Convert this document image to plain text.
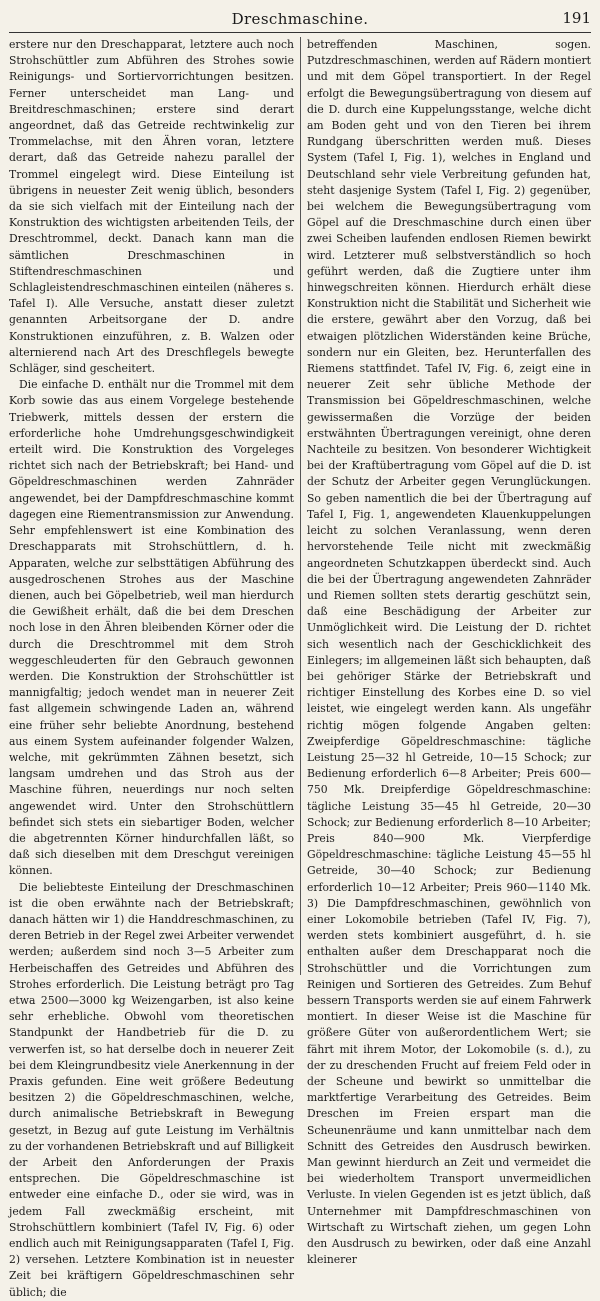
Dreschmaschine.	191

erstere nur den Dreschapparat, letztere auch noch Strohschüttler zum Abführen des Strohes sowie Reinigungs- und Sortiervorrichtungen besitzen. Ferner unterscheidet man Lang- und Breitdreschmaschinen; erstere sind derart angeordnet, daß das Getreide rechtwinkelig zur Trommelachse, mit den Ähren voran, letztere derart, daß das Getreide nahezu parallel der Trommel eingelegt wird. Diese Einteilung ist übrigens in neuester Zeit wenig üblich, besonders da sie sich vielfach mit der Einteilung nach der Konstruktion des wichtigsten arbeitenden Teils, der Dreschtrommel, deckt. Danach kann man die sämtlichen Dreschmaschinen in Stiftendreschmaschinen und Schlagleistendreschmaschinen einteilen (näheres s. Tafel I). Alle Versuche, anstatt dieser zuletzt genannten Arbeitsorgane der D. andre Konstruktionen einzuführen, z. B. Walzen oder alternierend nach Art des Dreschflegels bewegte Schläger, sind gescheitert.

Die einfache D. enthält nur die Trommel mit dem Korb sowie das aus einem Vorgelege bestehende Triebwerk, mittels dessen der erstern die erforderliche hohe Umdrehungsgeschwindigkeit erteilt wird. Die Konstruktion des Vorgeleges richtet sich nach der Betriebskraft; bei Hand- und Göpeldreschmaschinen werden Zahnräder angewendet, bei der Dampfdreschmaschine kommt dagegen eine Riementransmission zur Anwendung. Sehr empfehlenswert ist eine Kombination des Dreschapparats mit Strohschüttlern, d. h. Apparaten, welche zur selbsttätigen Abführung des ausgedroschenen Strohes aus der Maschine dienen, auch bei Göpelbetrieb, weil man hierdurch die Gewißheit erhält, daß die bei dem Dreschen noch lose in den Ähren bleibenden Körner oder die durch die Dreschtrommel mit dem Stroh weggeschleuderten für den Gebrauch gewonnen werden. Die Konstruktion der Strohschüttler ist mannigfaltig; jedoch wendet man in neuerer Zeit fast allgemein schwingende Laden an, während eine früher sehr beliebte Anordnung, bestehend aus einem System aufeinander folgender Walzen, welche, mit gekrümmten Zähnen besetzt, sich langsam umdrehen und das Stroh aus der Maschine führen, neuerdings nur noch selten angewendet wird. Unter den Strohschüttlern befindet sich stets ein siebartiger Boden, welcher die abgetrennten Körner hindurchfallen läßt, so daß sich dieselben mit dem Dreschgut vereinigen können.

Die beliebteste Einteilung der Dreschmaschinen ist die oben erwähnte nach der Betriebskraft; danach hätten wir 1) die Handdreschmaschinen, zu deren Betrieb in der Regel zwei Arbeiter verwendet werden; außerdem sind noch 3—5 Arbeiter zum Herbeischaffen des Getreides und Abführen des Strohes erforderlich. Die Leistung beträgt pro Tag etwa 2500—3000 kg Weizengarben, ist also keine sehr erhebliche. Obwohl vom theoretischen Standpunkt der Handbetrieb für die D. zu verwerfen ist, so hat derselbe doch in neuerer Zeit bei dem Kleingrundbesitz viele Anerkennung in der Praxis gefunden. Eine weit größere Bedeutung besitzen 2) die Göpeldreschmaschinen, welche, durch animalische Betriebskraft in Bewegung gesetzt, in Bezug auf gute Leistung im Verhältnis zu der vorhandenen Betriebskraft und auf Billigkeit der Arbeit den Anforderungen der Praxis entsprechen. Die Göpeldreschmaschine ist entweder eine einfache D., oder sie wird, was in jedem Fall zweckmäßig erscheint, mit Strohschüttlern kombiniert (Tafel IV, Fig. 6) oder endlich auch mit Reinigungsapparaten (Tafel I, Fig. 2) versehen. Letztere Kombination ist in neuester Zeit bei kräftigern Göpeldreschmaschinen sehr üblich; die

betreffenden Maschinen, sogen. Putzdreschmaschinen, werden auf Rädern montiert und mit dem Göpel transportiert. In der Regel erfolgt die Bewegungsübertragung von diesem auf die D. durch eine Kuppelungsstange, welche dicht am Boden geht und von den Tieren bei ihrem Rundgang überschritten werden muß. Dieses System (Tafel I, Fig. 1), welches in England und Deutschland sehr viele Verbreitung gefunden hat, steht dasjenige System (Tafel I, Fig. 2) gegenüber, bei welchem die Bewegungsübertragung vom Göpel auf die Dreschmaschine durch einen über zwei Scheiben laufenden endlosen Riemen bewirkt wird. Letzterer muß selbstverständlich so hoch geführt werden, daß die Zugtiere unter ihm hinwegschreiten können. Hierdurch erhält diese Konstruktion nicht die Stabilität und Sicherheit wie die erstere, gewährt aber den Vorzug, daß bei etwaigen plötzlichen Widerständen keine Brüche, sondern nur ein Gleiten, bez. Herunterfallen des Riemens stattfindet. Tafel IV, Fig. 6, zeigt eine in neuerer Zeit sehr übliche Methode der Transmission bei Göpeldreschmaschinen, welche gewissermaßen die Vorzüge der beiden erstwähnten Übertragungen vereinigt, ohne deren Nachteile zu besitzen. Von besonderer Wichtigkeit bei der Kraftübertragung vom Göpel auf die D. ist der Schutz der Arbeiter gegen Verunglückungen. So geben namentlich die bei der Übertragung auf Tafel I, Fig. 1, angewendeten Klauenkuppelungen leicht zu solchen Veranlassung, wenn deren hervorstehende Teile nicht mit zweckmäßig angeordneten Schutzkappen überdeckt sind. Auch die bei der Übertragung angewendeten Zahnräder und Riemen sollten stets derartig geschützt sein, daß eine Beschädigung der Arbeiter zur Unmöglichkeit wird. Die Leistung der D. richtet sich wesentlich nach der Geschicklichkeit des Einlegers; im allgemeinen läßt sich behaupten, daß bei gehöriger Stärke der Betriebskraft und richtiger Einstellung des Korbes eine D. so viel leistet, wie eingelegt werden kann. Als ungefähr richtig mögen folgende Angaben gelten: Zweipferdige Göpeldreschmaschine: tägliche Leistung 25—32 hl Getreide, 10—15 Schock; zur Bedienung erforderlich 6—8 Arbeiter; Preis 600—750 Mk. Dreipferdige Göpeldreschmaschine: tägliche Leistung 35—45 hl Getreide, 20—30 Schock; zur Bedienung erforderlich 8—10 Arbeiter; Preis 840—900 Mk. Vierpferdige Göpeldreschmaschine: tägliche Leistung 45—55 hl Getreide, 30—40 Schock; zur Bedienung erforderlich 10—12 Arbeiter; Preis 960—1140 Mk. 3) Die Dampfdreschmaschinen, gewöhnlich von einer Lokomobile betrieben (Tafel IV, Fig. 7), werden stets kombiniert ausgeführt, d. h. sie enthalten außer dem Dreschapparat noch die Strohschüttler und die Vorrichtungen zum Reinigen und Sortieren des Getreides. Zum Behuf bessern Transports werden sie auf einem Fahrwerk montiert. In dieser Weise ist die Maschine für größere Güter von außerordentlichem Wert; sie fährt mit ihrem Motor, der Lokomobile (s. d.), zu der zu dreschenden Frucht auf freiem Feld oder in der Scheune und bewirkt so unmittelbar die marktfertige Verarbeitung des Getreides. Beim Dreschen im Freien erspart man die Scheunenräume und kann unmittelbar nach dem Schnitt des Getreides den Ausdrusch bewirken. Man gewinnt hierdurch an Zeit und vermeidet die bei wiederholtem Transport unvermeidlichen Verluste. In vielen Gegenden ist es jetzt üblich, daß Unternehmer mit Dampfdreschmaschinen von Wirtschaft zu Wirtschaft ziehen, um gegen Lohn den Ausdrusch zu bewirken, oder daß eine Anzahl kleinerer
